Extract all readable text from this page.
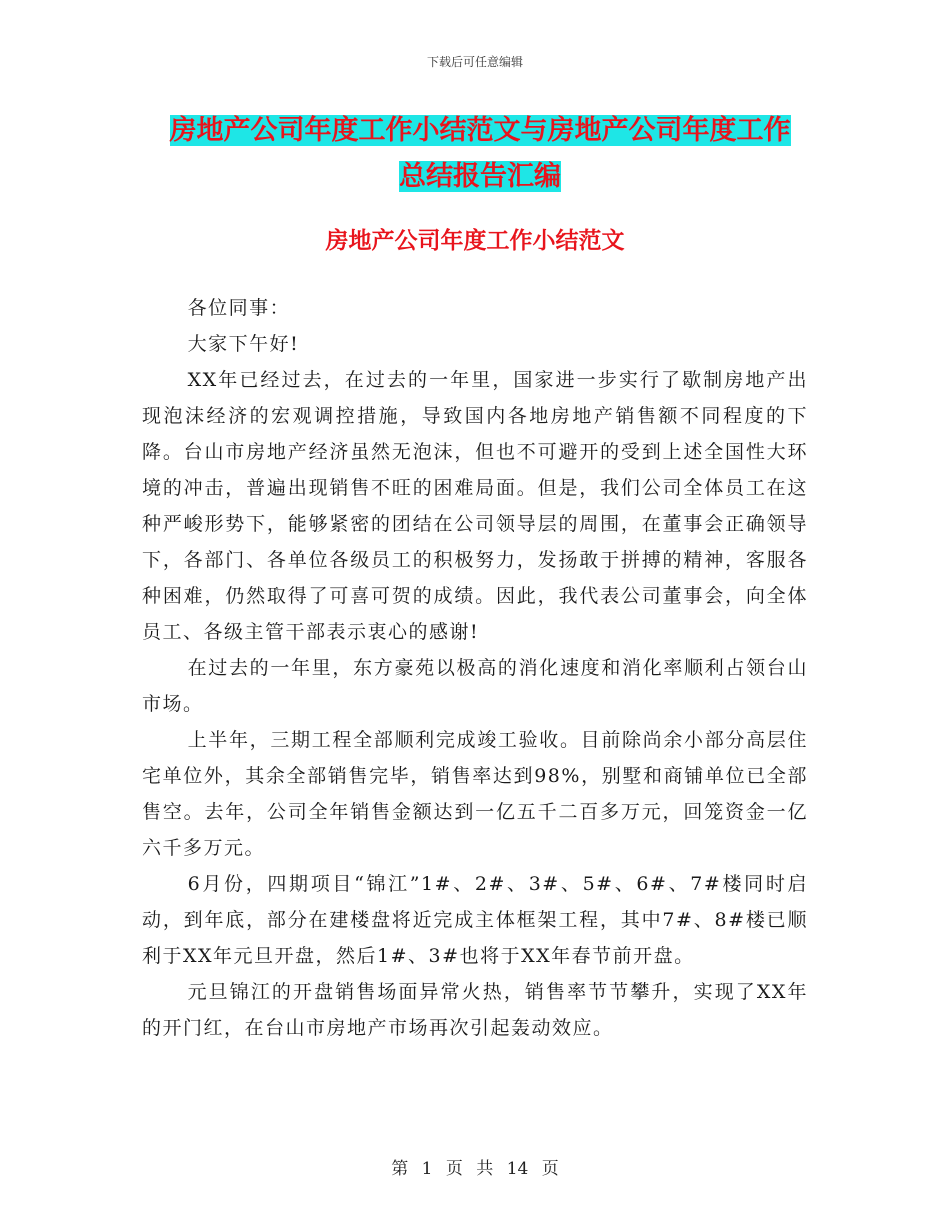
下载后可任意编辑
房地产公司年度工作小结范文与房地产公司年度工作
总结报告汇编
房地产公司年度工作小结范文

各位同事：

大家下午好!

XX年已经过去，在过去的一年里，国家进一步实行了歇制房地产出现泡沫经济的宏观调控措施，导致国内各地房地产销售额不同程度的下降。台山市房地产经济虽然无泡沫，但也不可避开的受到上述全国性大环境的冲击，普遍出现销售不旺的困难局面。但是，我们公司全体员工在这种严峻形势下，能够紧密的团结在公司领导层的周围，在董事会正确领导下，各部门、各单位各级员工的积极努力，发扬敢于拼搏的精神，客服各种困难，仍然取得了可喜可贺的成绩。因此，我代表公司董事会，向全体员工、各级主管干部表示衷心的感谢!

在过去的一年里，东方豪苑以极高的消化速度和消化率顺利占领台山市场。

上半年，三期工程全部顺利完成竣工验收。目前除尚余小部分高层住宅单位外，其余全部销售完毕，销售率达到98%，别墅和商铺单位已全部售空。去年，公司全年销售金额达到一亿五千二百多万元，回笼资金一亿六千多万元。

6月份，四期项目“锦江”1#、2#、3#、5#、6#、7#楼同时启动，到年底，部分在建楼盘将近完成主体框架工程，其中7#、8#楼已顺利于XX年元旦开盘，然后1#、3#也将于XX年春节前开盘。

元旦锦江的开盘销售场面异常火热，销售率节节攀升，实现了XX年的开门红，在台山市房地产市场再次引起轰动效应。

第 1 页 共 14 页
